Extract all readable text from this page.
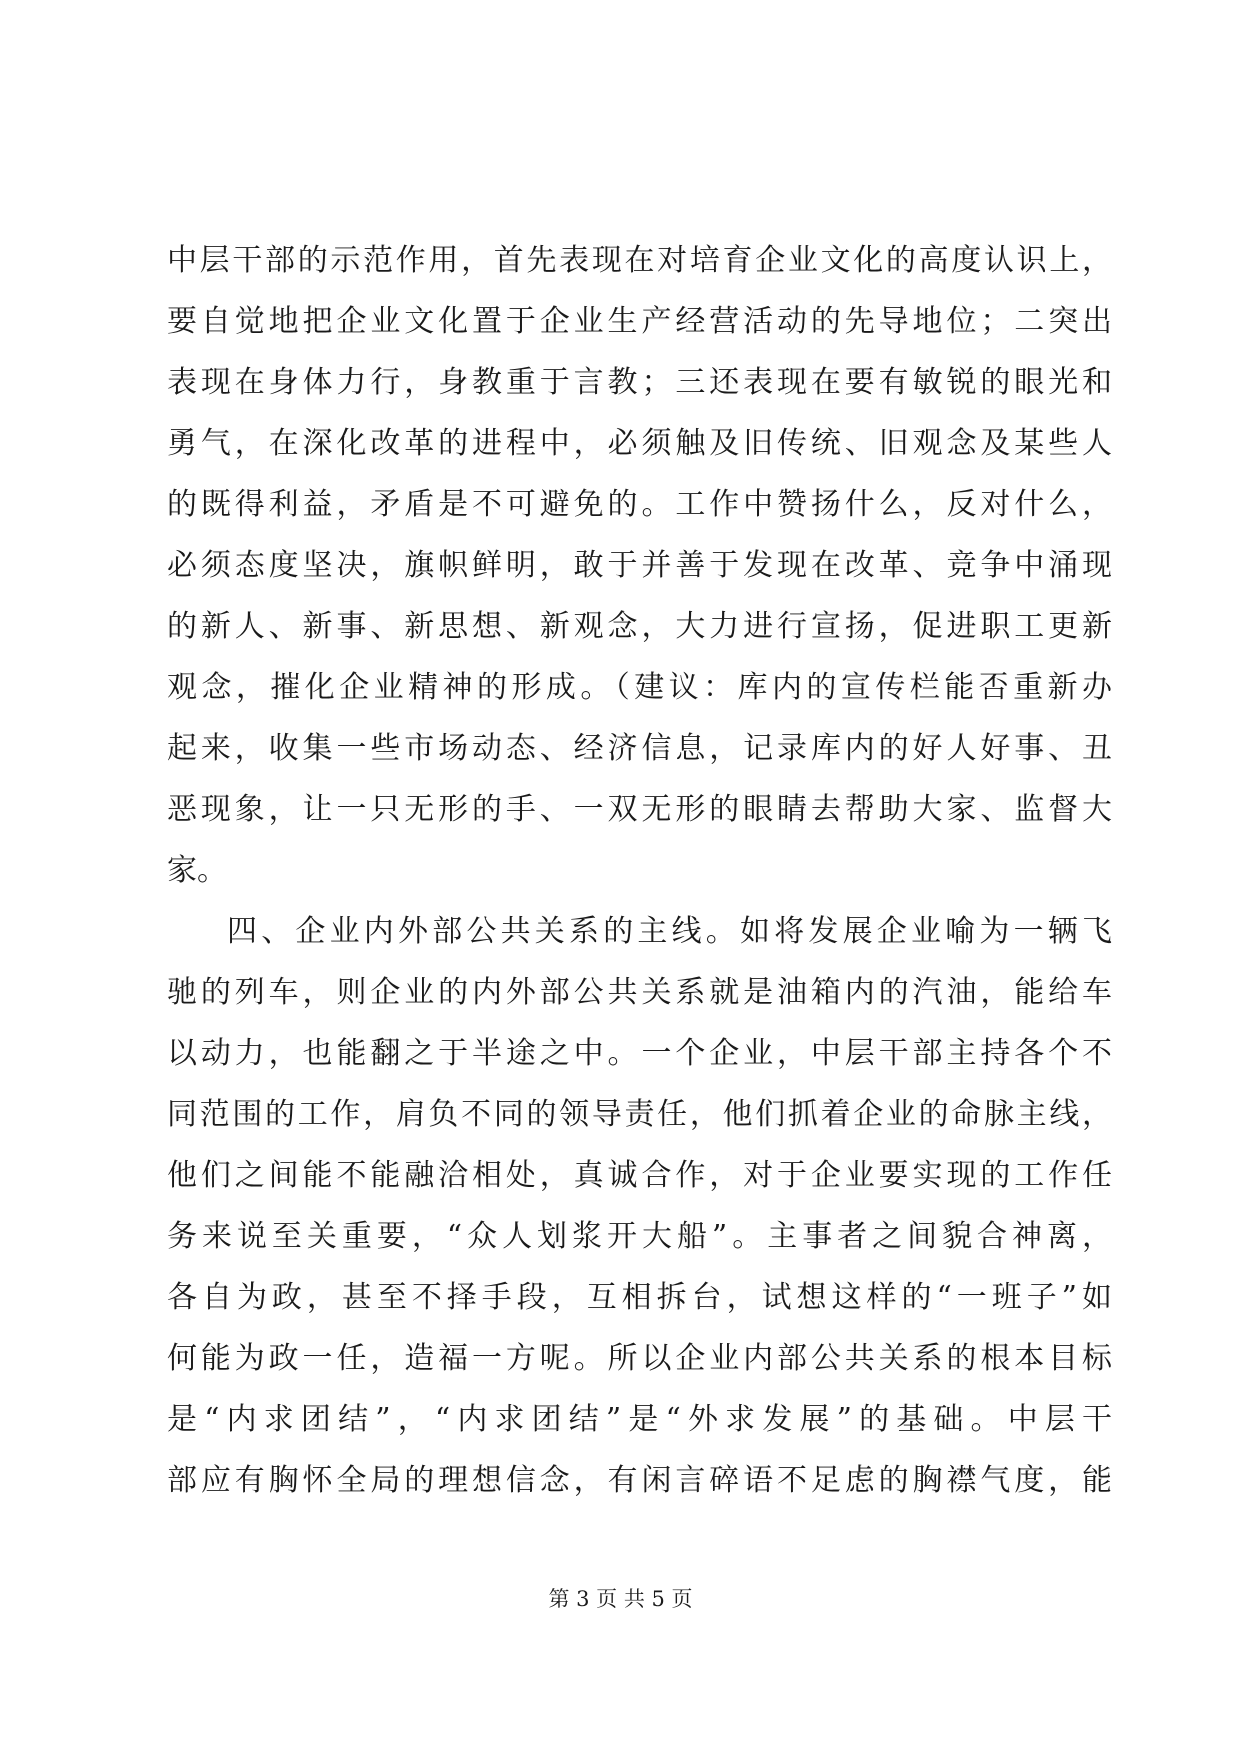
中层干部的示范作用，首先表现在对培育企业文化的高度认识上，
要自觉地把企业文化置于企业生产经营活动的先导地位；二突出
表现在身体力行，身教重于言教；三还表现在要有敏锐的眼光和
勇气，在深化改革的进程中，必须触及旧传统、旧观念及某些人
的既得利益，矛盾是不可避免的。工作中赞扬什么，反对什么，
必须态度坚决，旗帜鲜明，敢于并善于发现在改革、竞争中涌现
的新人、新事、新思想、新观念，大力进行宣扬，促进职工更新
观念，摧化企业精神的形成。（建议：库内的宣传栏能否重新办
起来，收集一些市场动态、经济信息，记录库内的好人好事、丑
恶现象，让一只无形的手、一双无形的眼睛去帮助大家、监督大
家。
四、企业内外部公共关系的主线。如将发展企业喻为一辆飞
驰的列车，则企业的内外部公共关系就是油箱内的汽油，能给车
以动力，也能翻之于半途之中。一个企业，中层干部主持各个不
同范围的工作，肩负不同的领导责任，他们抓着企业的命脉主线，
他们之间能不能融洽相处，真诚合作，对于企业要实现的工作任
务来说至关重要，“众人划浆开大船”。主事者之间貌合神离，
各自为政，甚至不择手段，互相拆台，试想这样的“一班子”如
何能为政一任，造福一方呢。所以企业内部公共关系的根本目标
是“内求团结”，“内求团结”是“外求发展”的基础。中层干
部应有胸怀全局的理想信念，有闲言碎语不足虑的胸襟气度，能
第 3 页 共 5 页
